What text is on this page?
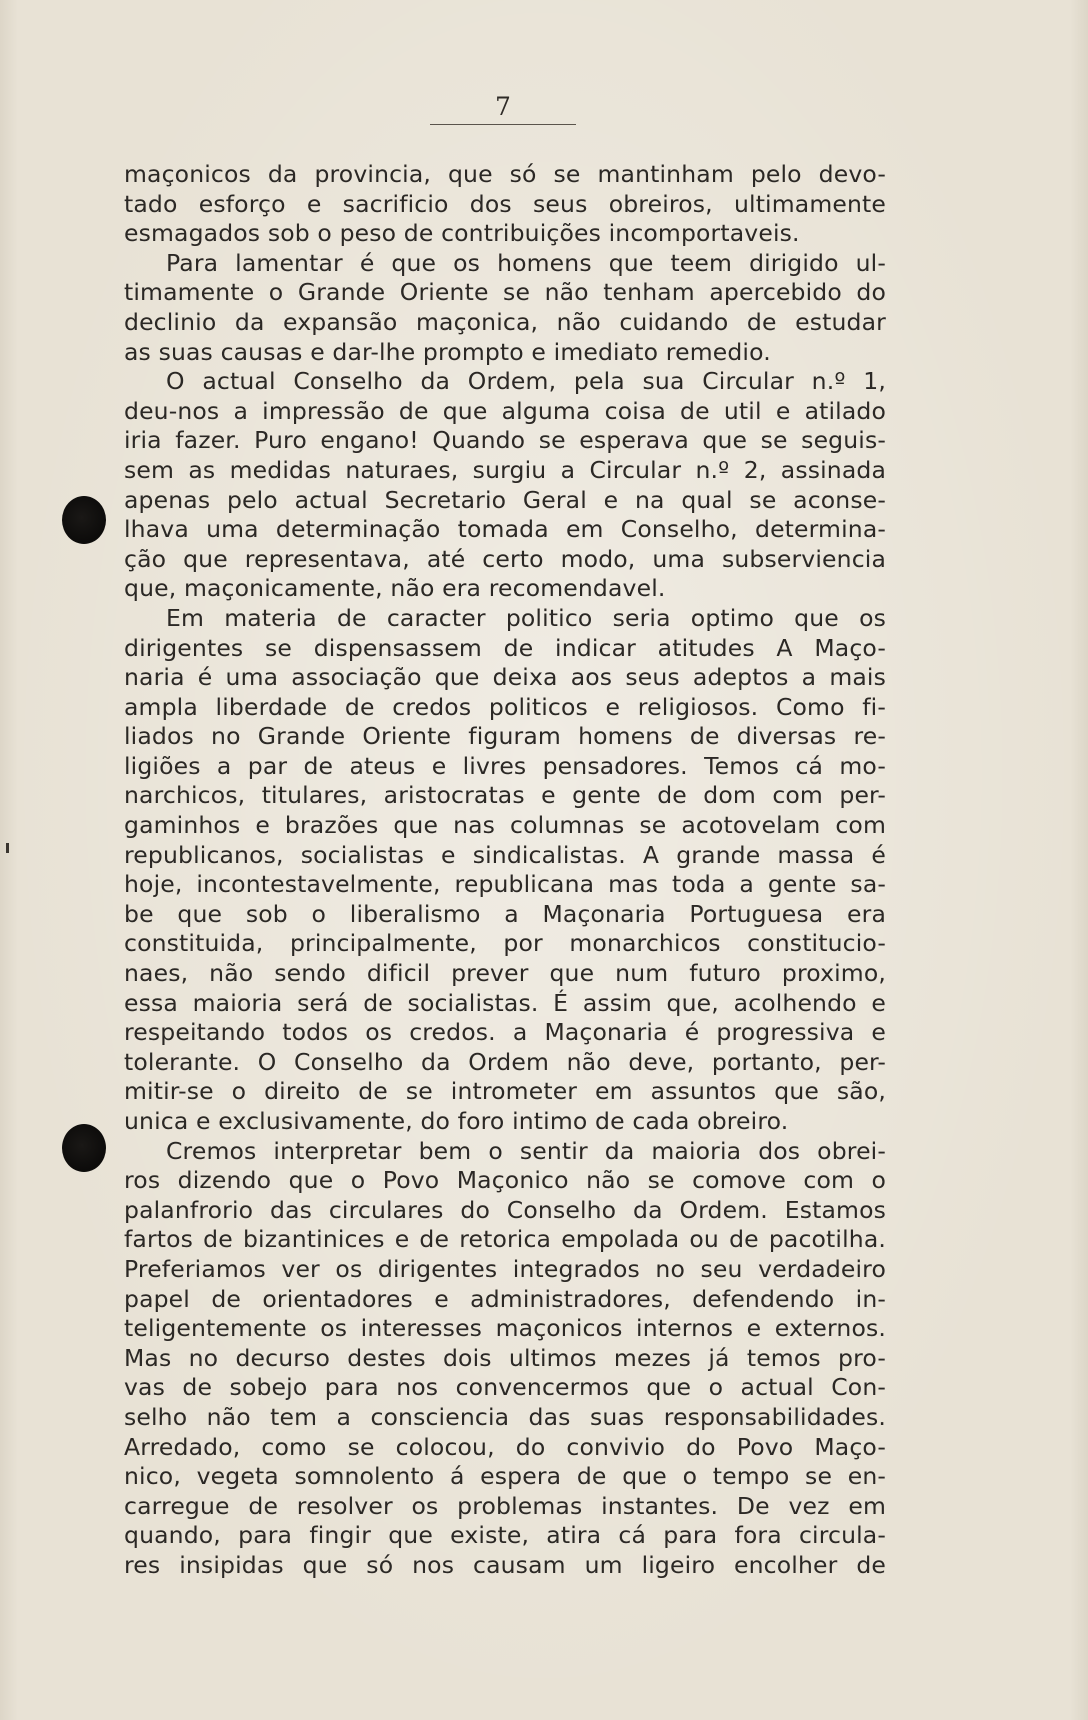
7
maçonicos da provincia, que só se mantinham pelo devo-
tado esforço e sacrificio dos seus obreiros, ultimamente
esmagados sob o peso de contribuições incomportaveis.
Para lamentar é que os homens que teem dirigido ul-
timamente o Grande Oriente se não tenham apercebido do
declinio da expansão maçonica, não cuidando de estudar
as suas causas e dar-lhe prompto e imediato remedio.
O actual Conselho da Ordem, pela sua Circular n.º 1,
deu-nos a impressão de que alguma coisa de util e atilado
iria fazer. Puro engano! Quando se esperava que se seguis-
sem as medidas naturaes, surgiu a Circular n.º 2, assinada
apenas pelo actual Secretario Geral e na qual se aconse-
lhava uma determinação tomada em Conselho, determina-
ção que representava, até certo modo, uma subserviencia
que, maçonicamente, não era recomendavel.
Em materia de caracter politico seria optimo que os
dirigentes se dispensassem de indicar atitudes A Maço-
naria é uma associação que deixa aos seus adeptos a mais
ampla liberdade de credos politicos e religiosos. Como fi-
liados no Grande Oriente figuram homens de diversas re-
ligiões a par de ateus e livres pensadores. Temos cá mo-
narchicos, titulares, aristocratas e gente de dom com per-
gaminhos e brazões que nas columnas se acotovelam com
republicanos, socialistas e sindicalistas. A grande massa é
hoje, incontestavelmente, republicana mas toda a gente sa-
be que sob o liberalismo a Maçonaria Portuguesa era
constituida, principalmente, por monarchicos constitucio-
naes, não sendo dificil prever que num futuro proximo,
essa maioria será de socialistas. É assim que, acolhendo e
respeitando todos os credos. a Maçonaria é progressiva e
tolerante. O Conselho da Ordem não deve, portanto, per-
mitir-se o direito de se intrometer em assuntos que são,
unica e exclusivamente, do foro intimo de cada obreiro.
Cremos interpretar bem o sentir da maioria dos obrei-
ros dizendo que o Povo Maçonico não se comove com o
palanfrorio das circulares do Conselho da Ordem. Estamos
fartos de bizantinices e de retorica empolada ou de pacotilha.
Preferiamos ver os dirigentes integrados no seu verdadeiro
papel de orientadores e administradores, defendendo in-
teligentemente os interesses maçonicos internos e externos.
Mas no decurso destes dois ultimos mezes já temos pro-
vas de sobejo para nos convencermos que o actual Con-
selho não tem a consciencia das suas responsabilidades.
Arredado, como se colocou, do convivio do Povo Maço-
nico, vegeta somnolento á espera de que o tempo se en-
carregue de resolver os problemas instantes. De vez em
quando, para fingir que existe, atira cá para fora circula-
res insipidas que só nos causam um ligeiro encolher de
